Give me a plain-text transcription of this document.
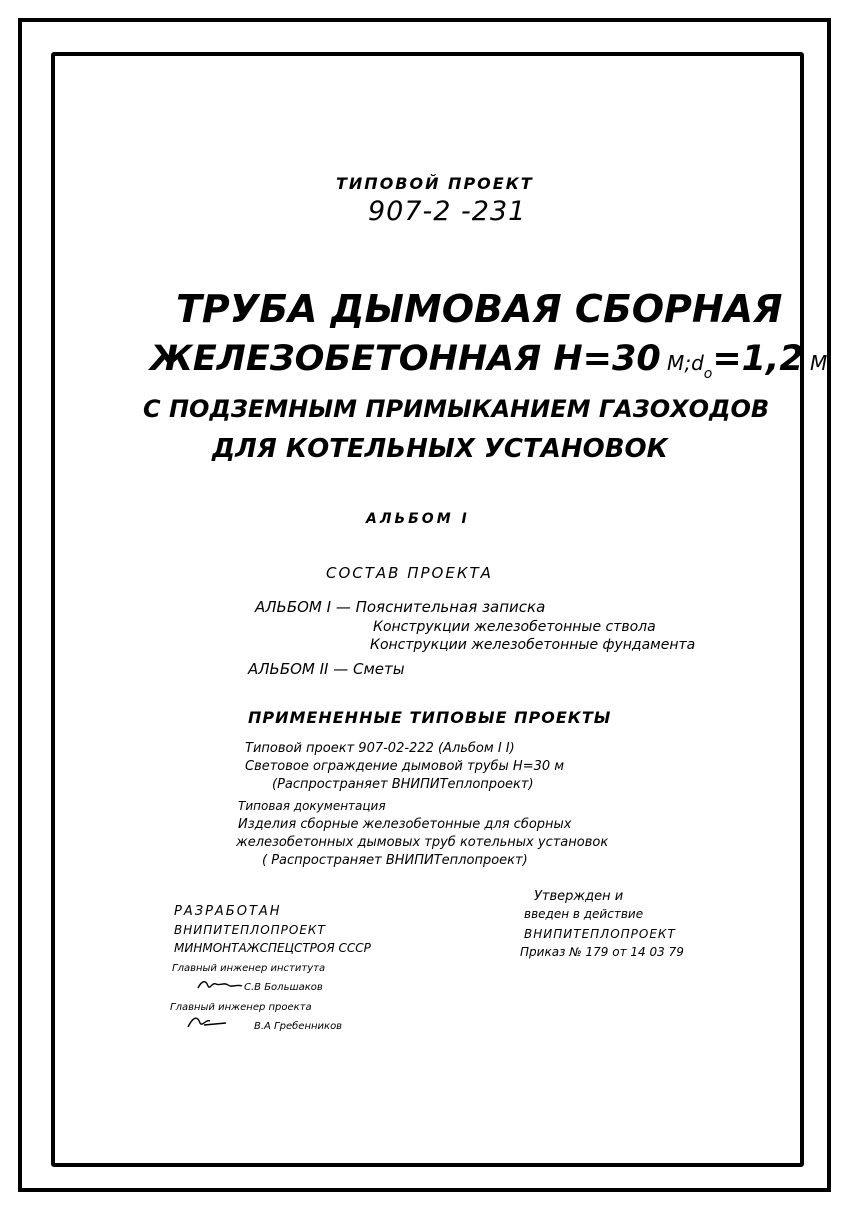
ТИПОВОЙ ПРОЕКТ
907-2 -231
ТРУБА ДЫМОВАЯ СБОРНАЯ
ЖЕЛЕЗОБЕТОННАЯ Н=30 $М;d_о=1,2$ М
С ПОДЗЕМНЫМ ПРИМЫКАНИЕМ ГАЗОХОДОВ
ДЛЯ КОТЕЛЬНЫХ УСТАНОВОК
АЛЬБОМ I
СОСТАВ ПРОЕКТА
АЛЬБОМ I — Пояснительная записка
Конструкции железобетонные ствола
Конструкции железобетонные фундамента
АЛЬБОМ II — Сметы
ПРИМЕНЕННЫЕ ТИПОВЫЕ ПРОЕКТЫ
Типовой проект 907-02-222 (Альбом I I)
Световое ограждение дымовой трубы Н=30 м
(Распространяет ВНИПИТеплопроект)
Типовая документация
Изделия сборные железобетонные для сборных
железобетонных дымовых труб котельных установок
( Распространяет ВНИПИТеплопроект)
РАЗРАБОТАН
ВНИПИТЕПЛОПРОЕКТ
МИНМОНТАЖСПЕЦСТРОЯ СССР
Главный инженер института
С.В Большаков
Главный инженер проекта
В.А Гребенников
Утвержден и
введен в действие
ВНИПИТЕПЛОПРОЕКТ
Приказ № 179 от 14 03 79
